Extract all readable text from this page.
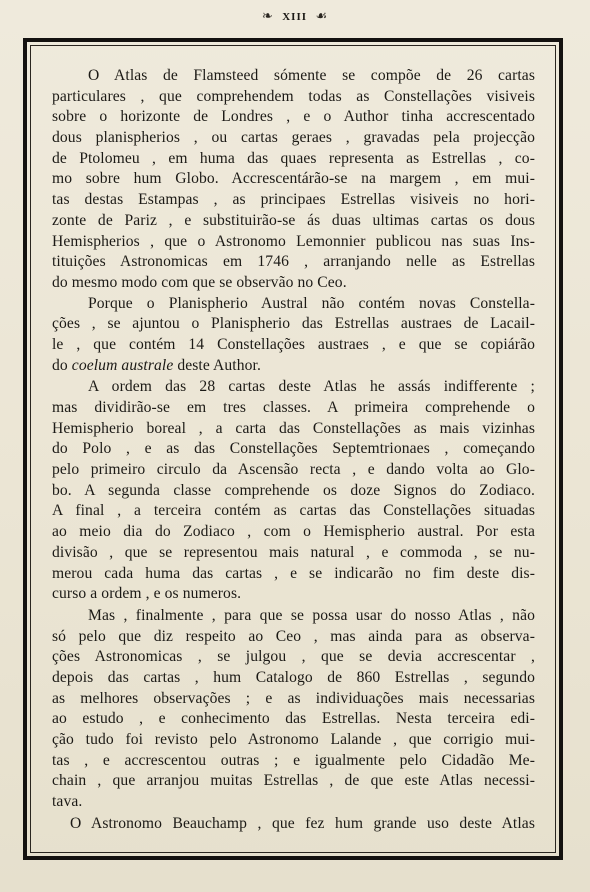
❧ XIII ☙
O Atlas de Flamsteed sómente se compõe de 26 cartas
particulares , que comprehendem todas as Constellações visiveis
sobre o horizonte de Londres , e o Author tinha accrescentado
dous planispherios , ou cartas geraes , gravadas pela projecção
de Ptolomeu , em huma das quaes representa as Estrellas , co-
mo sobre hum Globo. Accrescentárão-se na margem , em mui-
tas destas Estampas , as principaes Estrellas visiveis no hori-
zonte de Pariz , e substituirão-se ás duas ultimas cartas os dous
Hemispherios , que o Astronomo Lemonnier publicou nas suas Ins-
tituições Astronomicas em 1746 , arranjando nelle as Estrellas
do mesmo modo com que se observão no Ceo.
Porque o Planispherio Austral não contém novas Constella-
ções , se ajuntou o Planispherio das Estrellas austraes de Lacail-
le , que contém 14 Constellações austraes , e que se copiárão
do coelum australe deste Author.
A ordem das 28 cartas deste Atlas he assás indifferente ;
mas dividirão-se em tres classes. A primeira comprehende o
Hemispherio boreal , a carta das Constellações as mais vizinhas
do Polo , e as das Constellações Septemtrionaes , começando
pelo primeiro circulo da Ascensão recta , e dando volta ao Glo-
bo. A segunda classe comprehende os doze Signos do Zodiaco.
A final , a terceira contém as cartas das Constellações situadas
ao meio dia do Zodiaco , com o Hemispherio austral. Por esta
divisão , que se representou mais natural , e commoda , se nu-
merou cada huma das cartas , e se indicarão no fim deste dis-
curso a ordem , e os numeros.
Mas , finalmente , para que se possa usar do nosso Atlas , não
só pelo que diz respeito ao Ceo , mas ainda para as observa-
ções Astronomicas , se julgou , que se devia accrescentar ,
depois das cartas , hum Catalogo de 860 Estrellas , segundo
as melhores observações ; e as individuações mais necessarias
ao estudo , e conhecimento das Estrellas. Nesta terceira edi-
ção tudo foi revisto pelo Astronomo Lalande , que corrigio mui-
tas , e accrescentou outras ; e igualmente pelo Cidadão Me-
chain , que arranjou muitas Estrellas , de que este Atlas necessi-
tava.
O Astronomo Beauchamp , que fez hum grande uso deste Atlas
